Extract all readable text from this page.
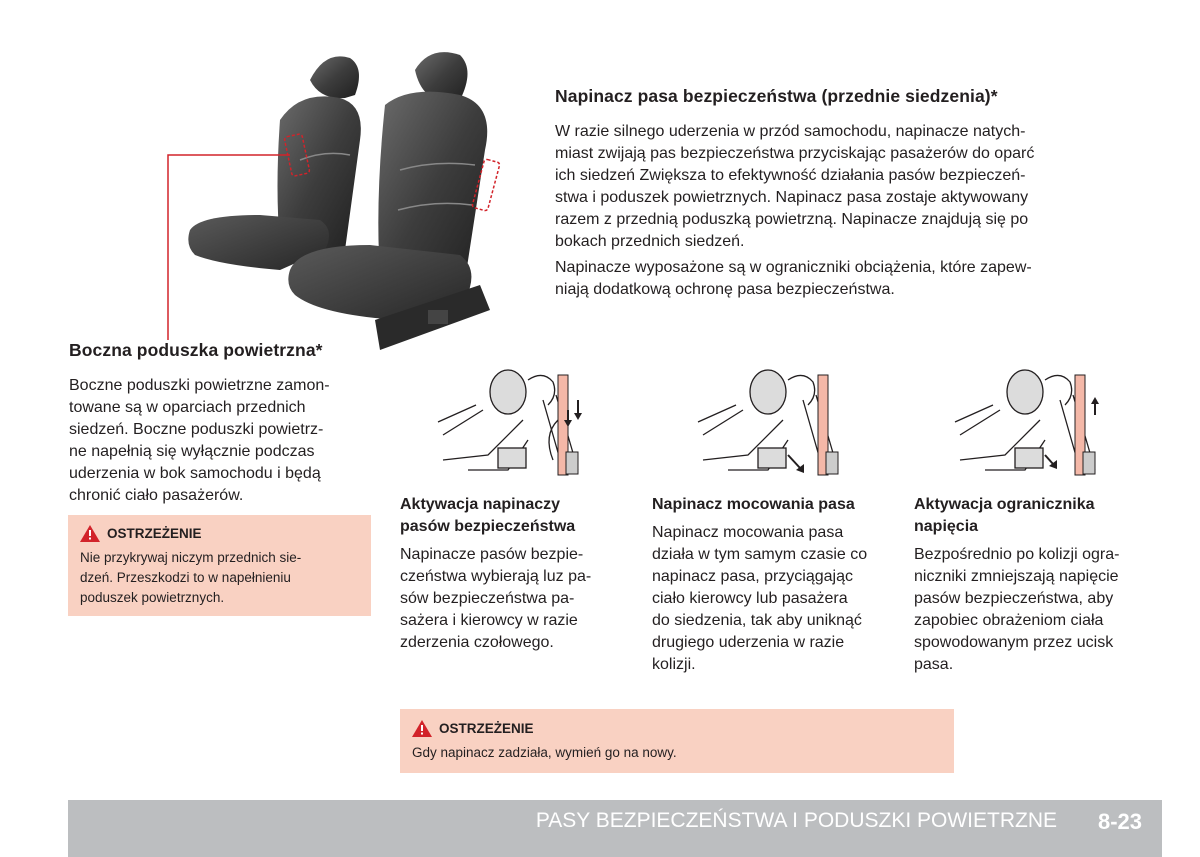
Boczna poduszka powietrzna*

Boczne poduszki powietrzne zamon-

towane są w oparciach przednich

siedzeń. Boczne poduszki powietrz-

ne napełnią się wyłącznie podczas

uderzenia w bok samochodu i będą

chronić ciało pasażerów.

OSTRZEŻENIE
Nie przykrywaj niczym przednich sie-
dzeń. Przeszkodzi to w napełnieniu
poduszek powietrznych.
Napinacz pasa bezpieczeństwa (przednie siedzenia)*

W razie silnego uderzenia w przód samochodu, napinacze natych-

miast zwijają pas bezpieczeństwa przyciskając pasażerów do oparć

ich siedzeń Zwiększa to efektywność działania pasów bezpieczeń-

stwa i poduszek powietrznych. Napinacz pasa zostaje aktywowany

razem z przednią poduszką powietrzną. Napinacze znajdują się po

bokach przednich siedzeń.

Napinacze wyposażone są w ograniczniki obciążenia, które zapew-

niają dodatkową ochronę pasa bezpieczeństwa.

Aktywacja napinaczy
pasów bezpieczeństwa

Napinacze pasów bezpie-

czeństwa wybierają luz pa-

sów bezpieczeństwa pa-

sażera i kierowcy w razie

zderzenia czołowego.

Napinacz mocowania pasa

Napinacz mocowania pasa

działa w tym samym czasie co

napinacz pasa, przyciągając

ciało kierowcy lub pasażera

do siedzenia, tak aby uniknąć

drugiego uderzenia w razie

kolizji.

Aktywacja ogranicznika
napięcia

Bezpośrednio po kolizji ogra-

niczniki zmniejszają napięcie

pasów bezpieczeństwa, aby

zapobiec obrażeniom ciała

spowodowanym przez ucisk

pasa.

OSTRZEŻENIE
Gdy napinacz zadziała, wymień go na nowy.
PASY BEZPIECZEŃSTWA I PODUSZKI POWIETRZNE 8-23
